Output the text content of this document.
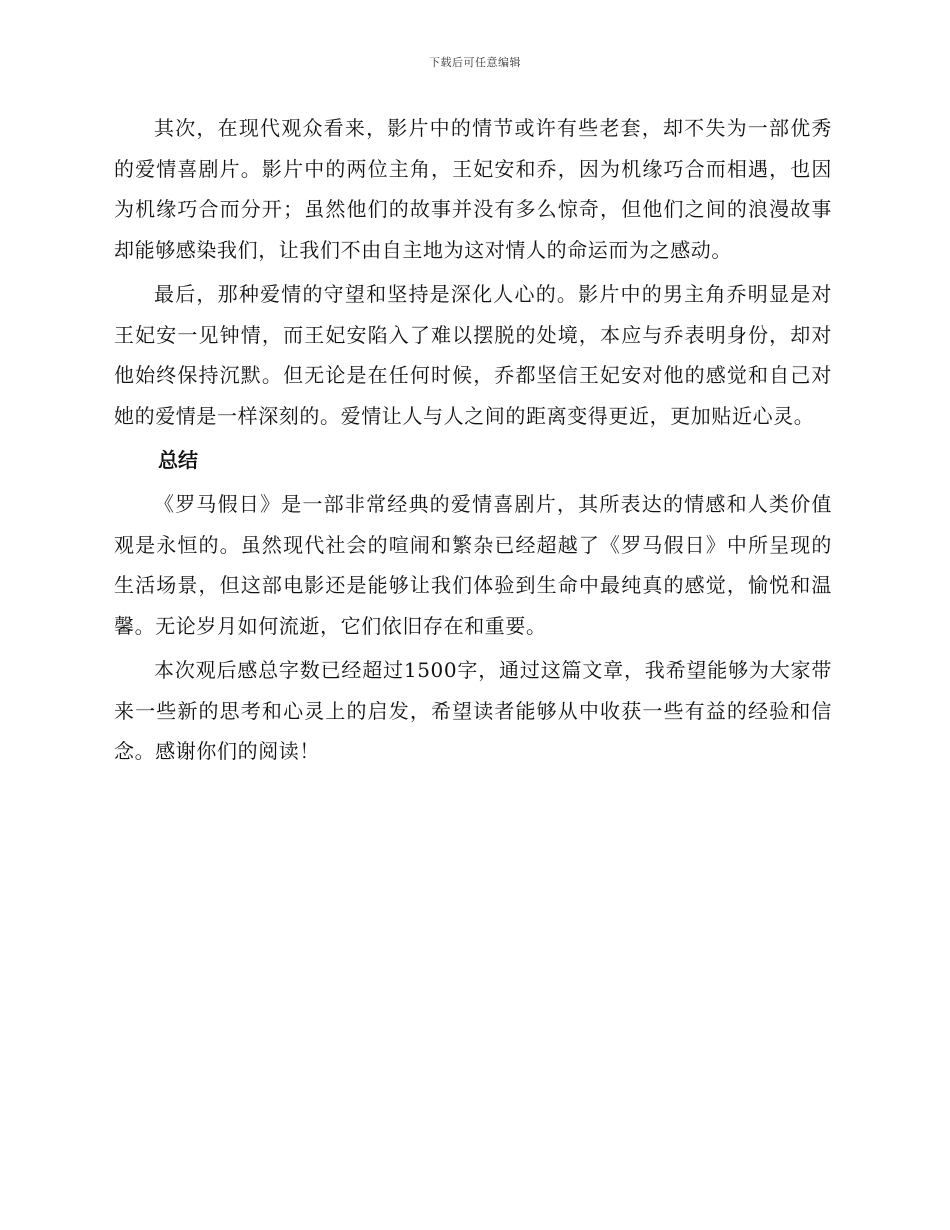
下载后可任意编辑

其次，在现代观众看来，影片中的情节或许有些老套，却不失为一部优秀的爱情喜剧片。影片中的两位主角，王妃安和乔，因为机缘巧合而相遇，也因为机缘巧合而分开；虽然他们的故事并没有多么惊奇，但他们之间的浪漫故事却能够感染我们，让我们不由自主地为这对情人的命运而为之感动。

最后，那种爱情的守望和坚持是深化人心的。影片中的男主角乔明显是对王妃安一见钟情，而王妃安陷入了难以摆脱的处境，本应与乔表明身份，却对他始终保持沉默。但无论是在任何时候，乔都坚信王妃安对他的感觉和自己对她的爱情是一样深刻的。爱情让人与人之间的距离变得更近，更加贴近心灵。

总结

《罗马假日》是一部非常经典的爱情喜剧片，其所表达的情感和人类价值观是永恒的。虽然现代社会的喧闹和繁杂已经超越了《罗马假日》中所呈现的生活场景，但这部电影还是能够让我们体验到生命中最纯真的感觉，愉悦和温馨。无论岁月如何流逝，它们依旧存在和重要。

本次观后感总字数已经超过1500字，通过这篇文章，我希望能够为大家带来一些新的思考和心灵上的启发，希望读者能够从中收获一些有益的经验和信念。感谢你们的阅读！
